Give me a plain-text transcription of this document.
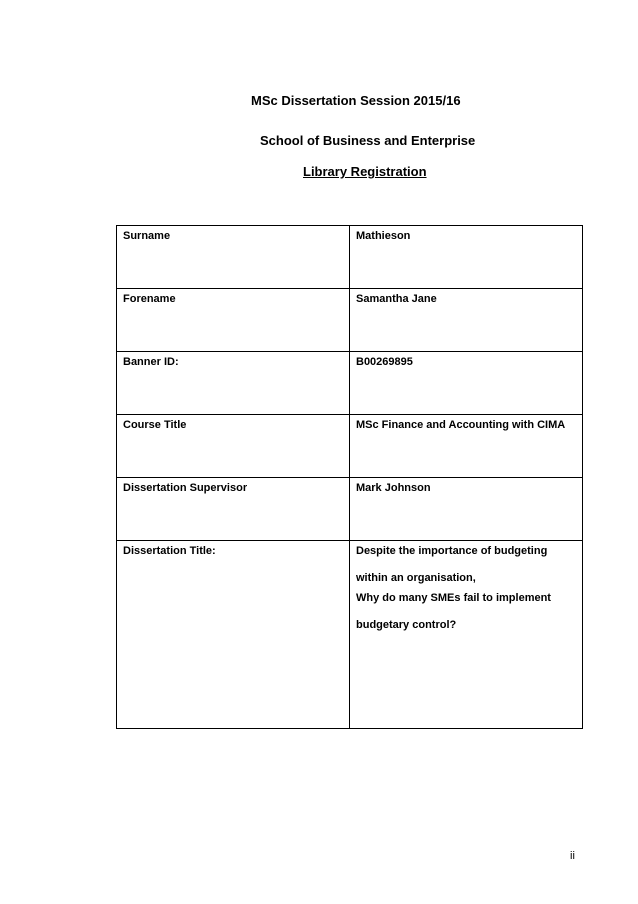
MSc Dissertation Session 2015/16
School of Business and Enterprise
Library Registration
Surname	Mathieson
Forename	Samantha Jane
Banner ID:	B00269895
Course Title	MSc Finance and Accounting with CIMA
Dissertation Supervisor	Mark Johnson
Dissertation Title:	Despite the importance of budgeting
within an organisation,
Why do many SMEs fail to implement
budgetary control?
ii
